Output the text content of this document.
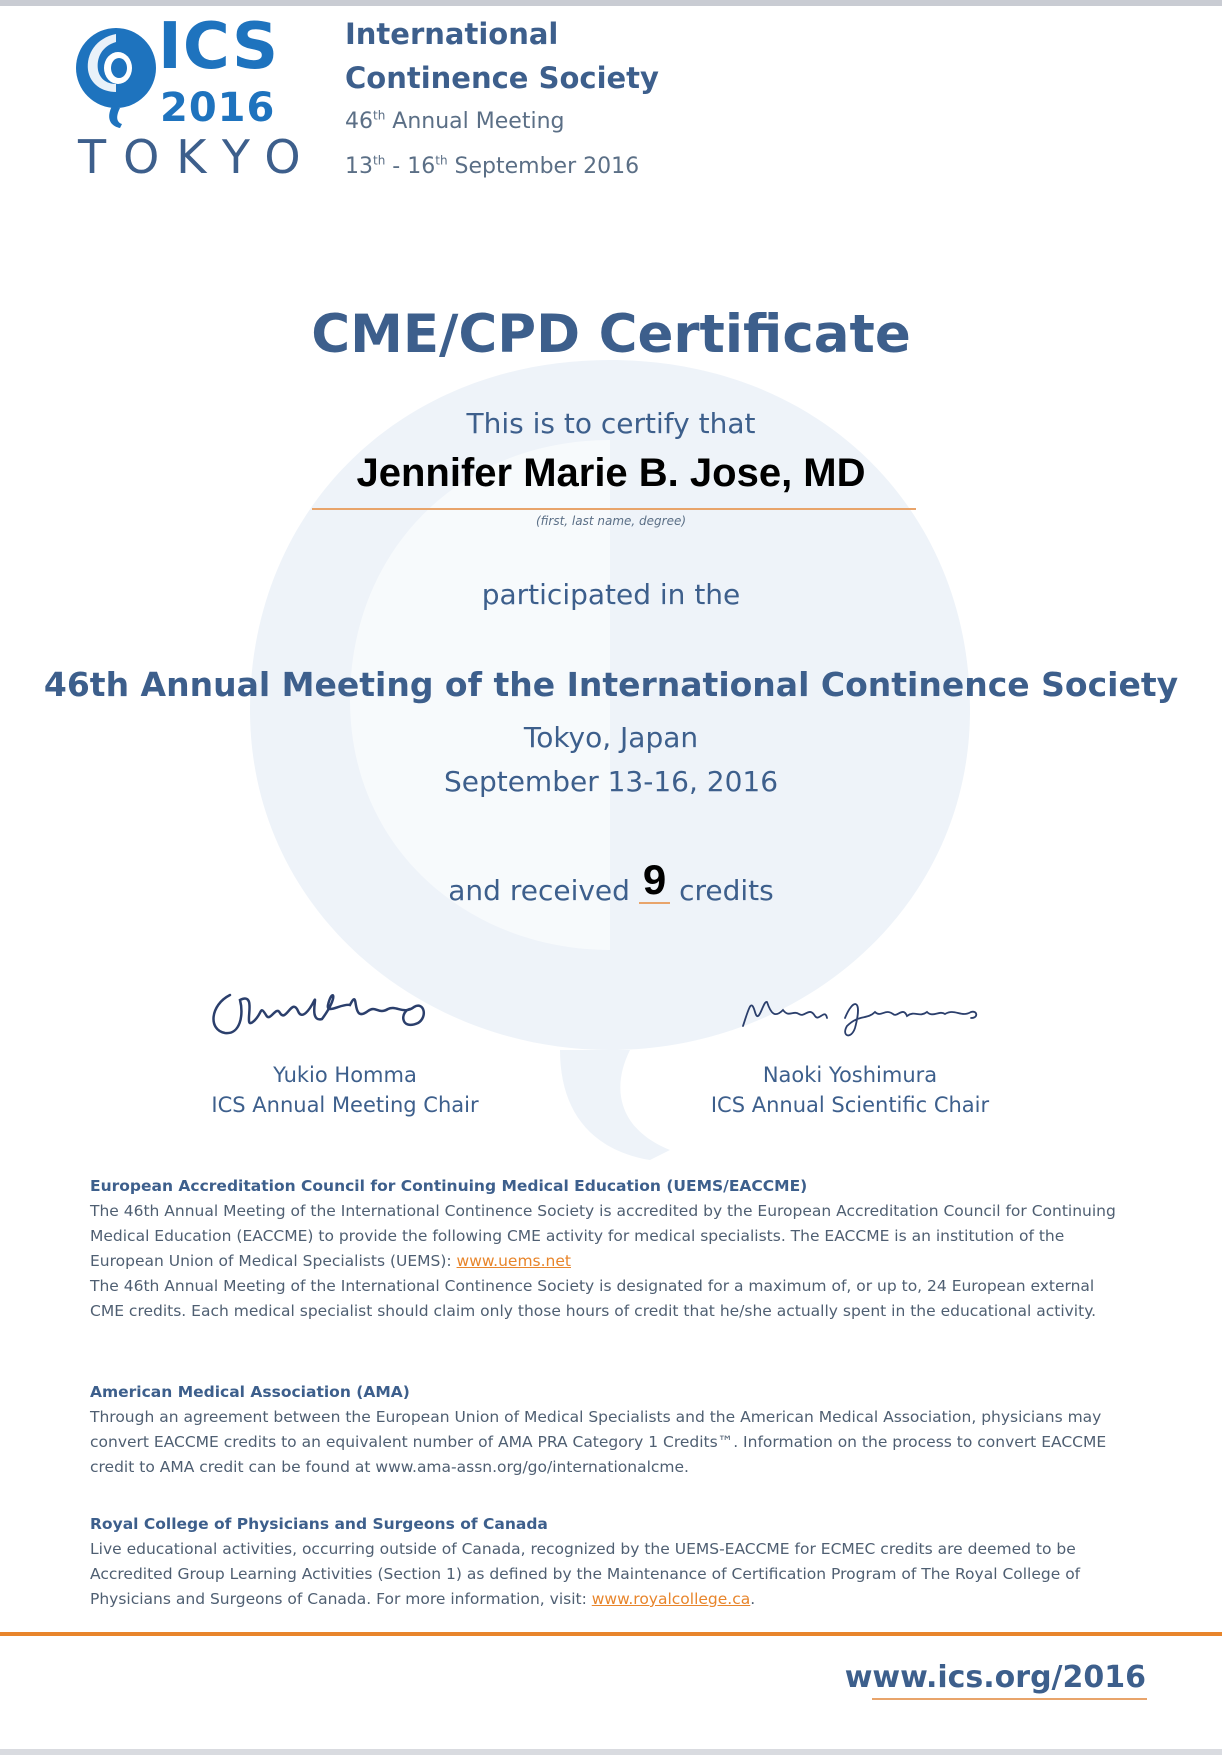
ICS
2016
TOKYO
International
Continence Society
46th Annual Meeting
13th - 16th September 2016
CME/CPD Certificate
This is to certify that
Jennifer Marie B. Jose, MD
(first, last name, degree)
participated in the
46th Annual Meeting of the International Continence Society
Tokyo, Japan
September 13-16, 2016
and received 9 credits
Yukio Homma
ICS Annual Meeting Chair
Naoki Yoshimura
ICS Annual Scientific Chair
European Accreditation Council for Continuing Medical Education (UEMS/EACCME)

The 46th Annual Meeting of the International Continence Society is accredited by the European Accreditation Council for Continuing Medical Education (EACCME) to provide the following CME activity for medical specialists. The EACCME is an institution of the European Union of Medical Specialists (UEMS): www.uems.net

The 46th Annual Meeting of the International Continence Society is designated for a maximum of, or up to, 24 European external CME credits. Each medical specialist should claim only those hours of credit that he/she actually spent in the educational activity.

American Medical Association (AMA)

Through an agreement between the European Union of Medical Specialists and the American Medical Association, physicians may convert EACCME credits to an equivalent number of AMA PRA Category 1 Credits™. Information on the process to convert EACCME credit to AMA credit can be found at www.ama-assn.org/go/internationalcme.

Royal College of Physicians and Surgeons of Canada

Live educational activities, occurring outside of Canada, recognized by the UEMS-EACCME for ECMEC credits are deemed to be Accredited Group Learning Activities (Section 1) as defined by the Maintenance of Certification Program of The Royal College of Physicians and Surgeons of Canada. For more information, visit: www.royalcollege.ca.

www.ics.org/2016
